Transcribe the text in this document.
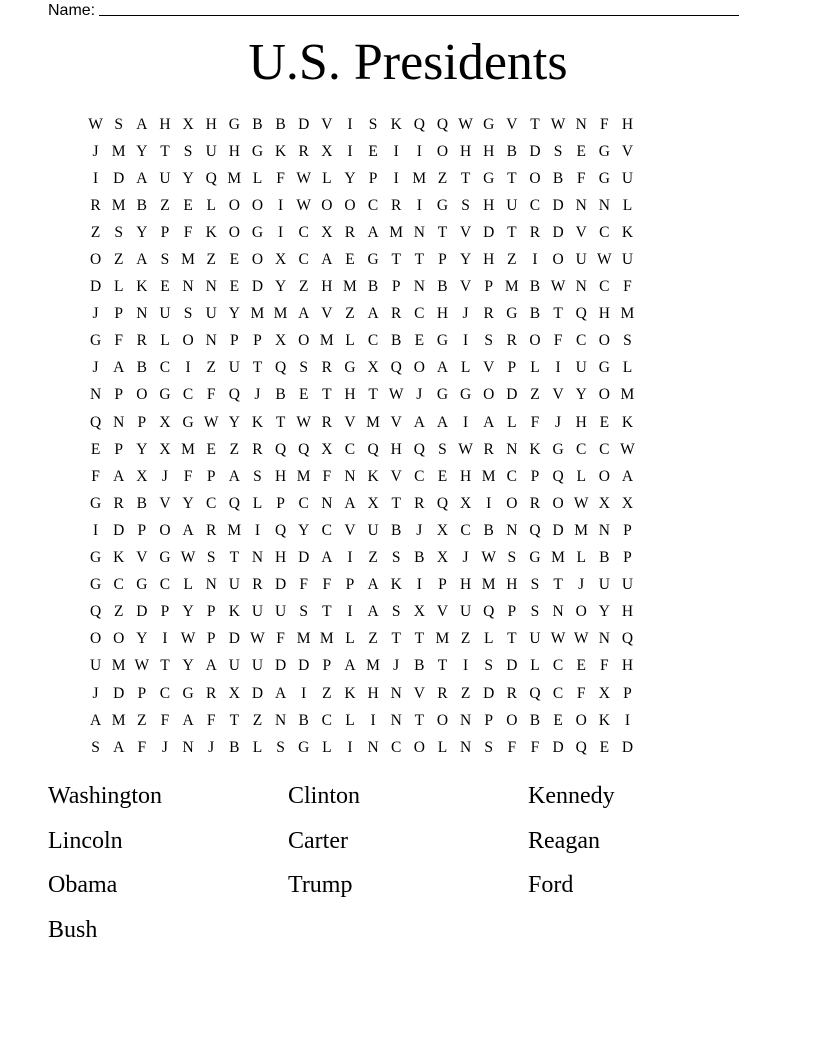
Name:
U.S. Presidents
W S A H X H G B B D V I	S K Q Q W G V T W N F H
J M Y T S U H G K R X I	E	I	I O H H B D S E G V
I D A U Y Q M L F W L Y P	I M Z T G T O B F G U
R M B Z E L O O I W O O C R I G S H U C D N N L
Z S Y P F K O G I C X R A M N T V D T R D V C K
O Z A S M Z E O X C A E G T T P Y H Z	I O U W U
D L K E N N E D Y Z H M B P N B V P M B W N C F
J	P N U S U Y M M A V Z A R C H J R G B T Q H M
G F R L O N P P X O M L C B E G I	S R O F C O S
J A B C I	Z U T Q S R G X Q O A L V P L	I U G L
N P O G C F Q J B E T H T W J G G O D Z V Y O M
Q N P X G W Y K T W R V M V A A I A L F	J H E K
E P Y X M E Z R Q Q X C Q H Q S W R N K G C C W
F A X J	F P A S H M F N K V C E H M C P Q L O A
G R B V Y C Q L P C N A X T R Q X I O R O W X X
I D P O A R M I Q Y C V U B J X C B N Q D M N P
G K V G W S T N H D A I	Z S B X J W S G M L B P
G C G C L N U R D F F P A K I	P H M H S T J U U
Q Z D P Y P K U U S T	I A S X V U Q P S N O Y H
O O Y I W P D W F M M L Z T T M Z L T U W W N Q
U M W T Y A U U D D P A M J B T	I	S D L C E F H
J D P C G R X D A I	Z K H N V R Z D R Q C F X P
A M Z F A F T Z N B C L	I N T O N P O B E O K I
S A F	J N J B L S G L	I N C O L N S F F D Q E D
Washington	Clinton	Kennedy
Lincoln	Carter	Reagan
Obama	Trump	Ford
Bush
